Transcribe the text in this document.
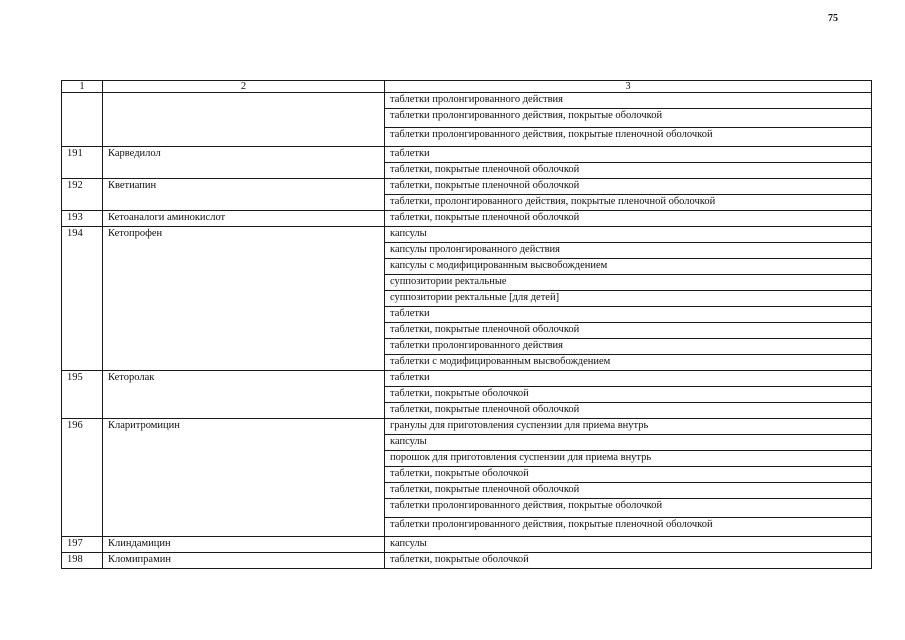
75
1	2	3
		таблетки пролонгированного действия
		таблетки пролонгированного действия, покрытые оболочкой
		таблетки пролонгированного действия, покрытые пленочной оболочкой
191	Карведилол	таблетки
		таблетки, покрытые пленочной оболочкой
192	Кветиапин	таблетки, покрытые пленочной оболочкой
		таблетки, пролонгированного действия, покрытые пленочной оболочкой
193	Кетоаналоги аминокислот	таблетки, покрытые пленочной оболочкой
194	Кетопрофен	капсулы
		капсулы пролонгированного действия
		капсулы с модифицированным высвобождением
		суппозитории ректальные
		суппозитории ректальные [для детей]
		таблетки
		таблетки, покрытые пленочной оболочкой
		таблетки пролонгированного действия
		таблетки с модифицированным высвобождением
195	Кеторолак	таблетки
		таблетки, покрытые оболочкой
		таблетки, покрытые пленочной оболочкой
196	Кларитромицин	гранулы для приготовления суспензии для приема внутрь
		капсулы
		порошок для приготовления суспензии для приема внутрь
		таблетки, покрытые оболочкой
		таблетки, покрытые пленочной оболочкой
		таблетки пролонгированного действия, покрытые оболочкой
		таблетки пролонгированного действия, покрытые пленочной оболочкой
197	Клиндамицин	капсулы
198	Кломипрамин	таблетки, покрытые оболочкой
